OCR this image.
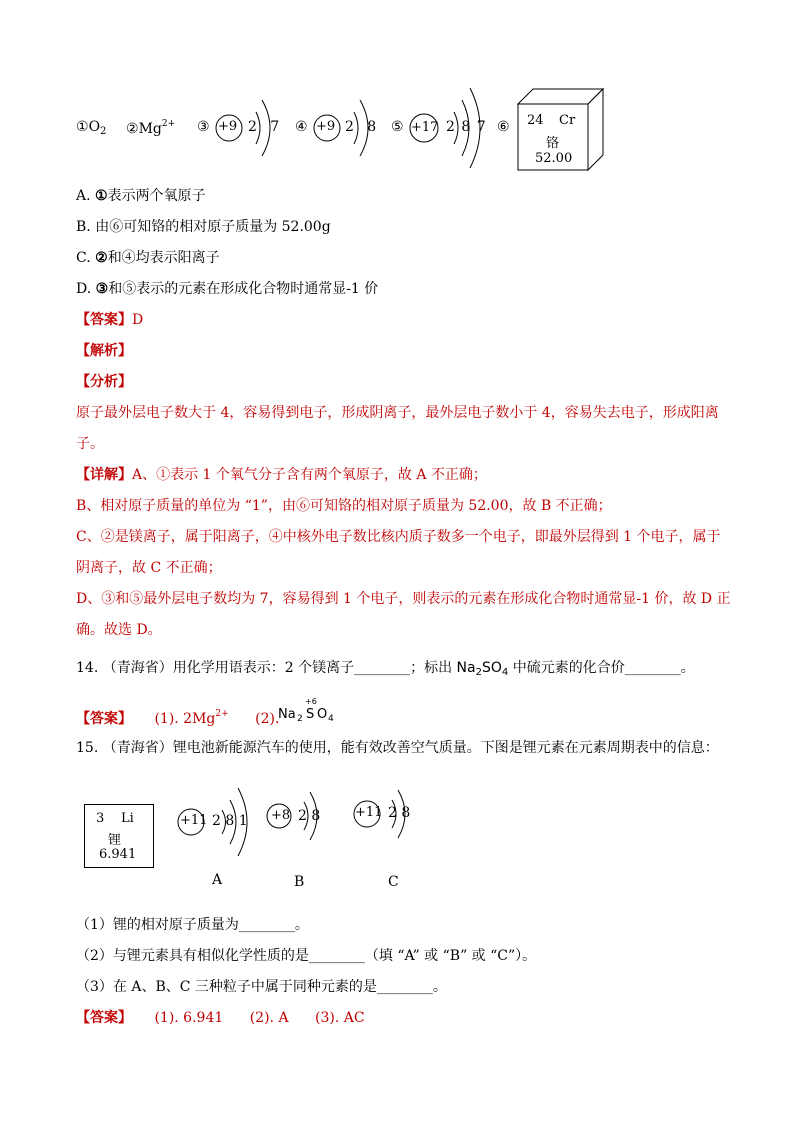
$①O_2$ $②Mg^{2+}$ ③ +9 2   7 ④ +9 2   8 ⑤ +17 2 8 7 ⑥ 24 Cr
铬
52.00
A. ①表示两个氧原子
B. 由⑥可知铬的相对原子质量为 52.00g
C. ②和④均表示阳离子
D. ③和⑤表示的元素在形成化合物时通常显-1 价
【答案】D
【解析】
【分析】
原子最外层电子数大于 4，容易得到电子，形成阴离子，最外层电子数小于 4，容易失去电子，形成阳离
子。
【详解】A、①表示 1 个氧气分子含有两个氧原子，故 A 不正确；
B、相对原子质量的单位为 “1”，由⑥可知铬的相对原子质量为 52.00，故 B 不正确；
C、②是镁离子，属于阳离子，④中核外电子数比核内质子数多一个电子，即最外层得到 1 个电子，属于
阴离子，故 C 不正确；
D、③和⑤最外层电子数均为 7，容易得到 1 个电子，则表示的元素在形成化合物时通常显-1 价，故 D 正
确。故选 D。
14. （青海省）用化学用语表示：2 个镁离子________；标出 $Na_2SO_4$ 中硫元素的化合价________。
【答案】 (1). $2Mg^{2+}$ (2).
Na 2
+6
S O 4
15. （青海省）锂电池新能源汽车的使用，能有效改善空气质量。下图是锂元素在元素周期表中的信息：
3 Li
锂
6.941
+11 2 8 1
A
+8 2 8
B
+11 2 8
C
（1）锂的相对原子质量为________。
（2）与锂元素具有相似化学性质的是________（填 “A” 或 “B” 或 “C”）。
（3）在 A、B、C 三种粒子中属于同种元素的是________。
【答案】 (1). 6.941 (2). A (3). AC
